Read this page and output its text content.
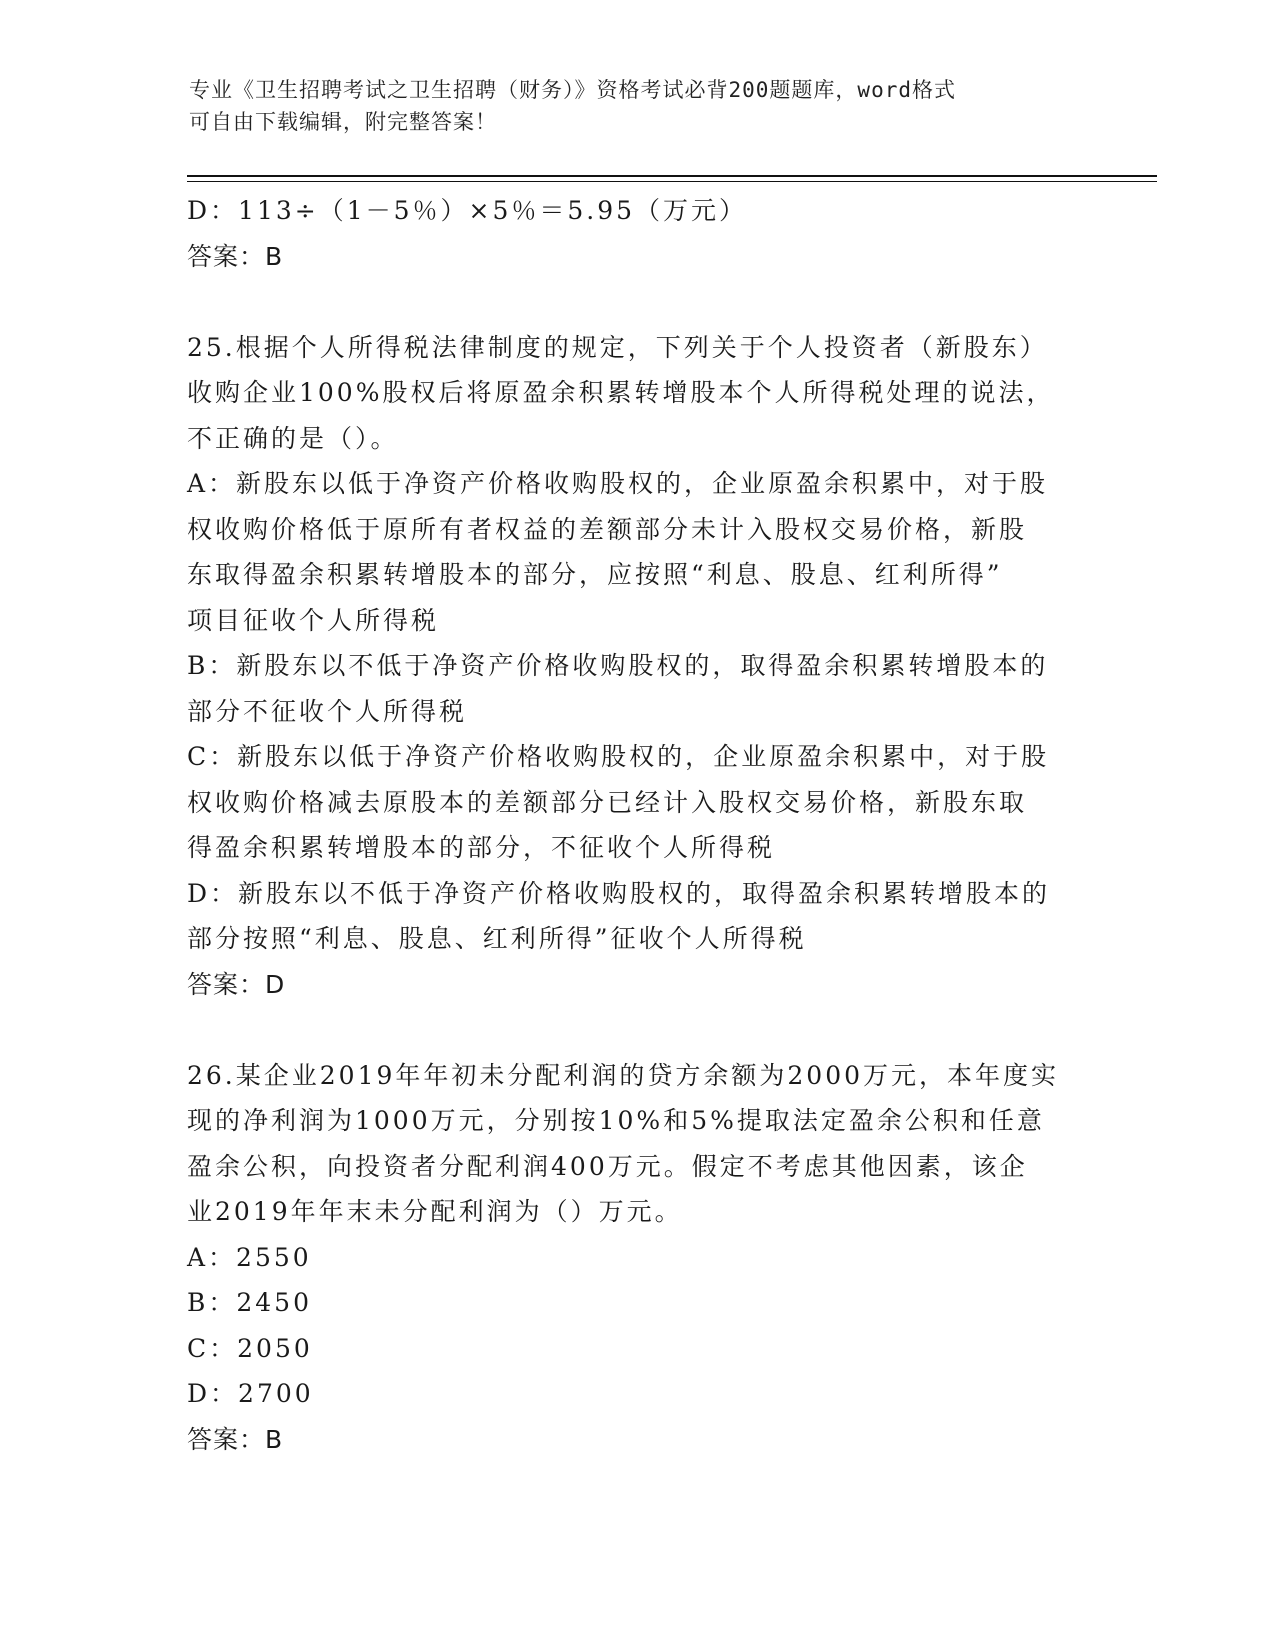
专业《卫生招聘考试之卫生招聘（财务）》资格考试必背200题题库，word格式
可自由下载编辑，附完整答案！
D：113÷（1－5％）×5％＝5.95（万元）
答案：B
25.根据个人所得税法律制度的规定，下列关于个人投资者（新股东）
收购企业100%股权后将原盈余积累转增股本个人所得税处理的说法，
不正确的是（）。
A：新股东以低于净资产价格收购股权的，企业原盈余积累中，对于股
权收购价格低于原所有者权益的差额部分未计入股权交易价格，新股
东取得盈余积累转增股本的部分，应按照“利息、股息、红利所得”
项目征收个人所得税
B：新股东以不低于净资产价格收购股权的，取得盈余积累转增股本的
部分不征收个人所得税
C：新股东以低于净资产价格收购股权的，企业原盈余积累中，对于股
权收购价格减去原股本的差额部分已经计入股权交易价格，新股东取
得盈余积累转增股本的部分，不征收个人所得税
D：新股东以不低于净资产价格收购股权的，取得盈余积累转增股本的
部分按照“利息、股息、红利所得”征收个人所得税
答案：D
26.某企业2019年年初未分配利润的贷方余额为2000万元，本年度实
现的净利润为1000万元，分别按10%和5%提取法定盈余公积和任意
盈余公积，向投资者分配利润400万元。假定不考虑其他因素，该企
业2019年年末未分配利润为（）万元。
A：2550
B：2450
C：2050
D：2700
答案：B
